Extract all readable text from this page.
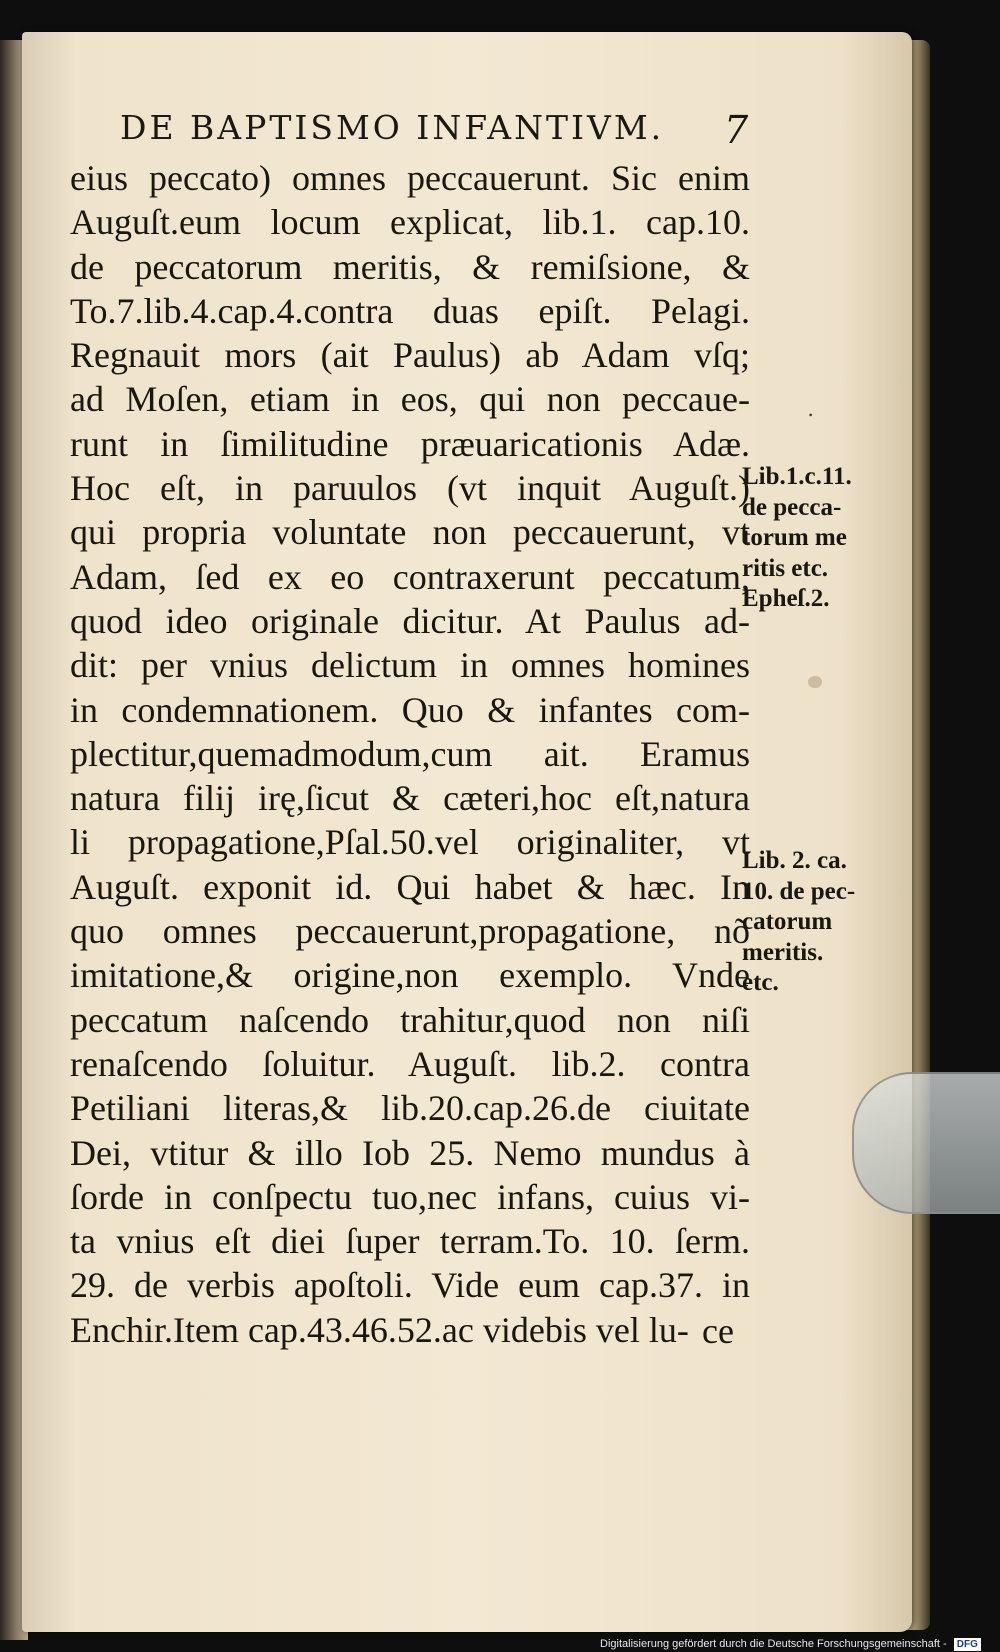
DE BAPTISMO INFANTIVM.	7
eius peccato) omnes peccauerunt. Sic enim
Auguſt.eum locum explicat, lib.1. cap.10.
de peccatorum meritis, & remiſsione, &
To.7.lib.4.cap.4.contra duas epiſt. Pelagi.
Regnauit mors (ait Paulus) ab Adam vſq;
ad Moſen, etiam in eos, qui non peccaue-
runt in ſimilitudine præuaricationis Adæ.
Hoc eſt, in paruulos (vt inquit Auguſt.)
qui propria voluntate non peccauerunt, vt
Adam, ſed ex eo contraxerunt peccatum,
quod ideo originale dicitur. At Paulus ad-
dit: per vnius delictum in omnes homines
in condemnationem. Quo & infantes com-
plectitur,quemadmodum,cum ait. Eramus
natura filij irę,ſicut & cæteri,hoc eſt,natura
li propagatione,Pſal.50.vel originaliter, vt
Auguſt. exponit id. Qui habet & hæc. In
quo omnes peccauerunt,propagatione, nõ
imitatione,& origine,non exemplo. Vnde
peccatum naſcendo trahitur,quod non niſi
renaſcendo ſoluitur. Auguſt. lib.2. contra
Petiliani literas,& lib.20.cap.26.de ciuitate
Dei, vtitur & illo Iob 25. Nemo mundus à
ſorde in conſpectu tuo,nec infans, cuius vi-
ta vnius eſt diei ſuper terram.To. 10. ſerm.
29. de verbis apoſtoli. Vide eum cap.37. in
Enchir.Item cap.43.46.52.ac videbis vel lu- ce
Lib.1.c.11.
de pecca-
torum me
ritis etc.
Epheſ.2.
Lib. 2. ca.
10. de pec-
catorum
meritis.
etc.
⸳
Digitalisierung gefördert durch die Deutsche Forschungsgemeinschaft - DFG
